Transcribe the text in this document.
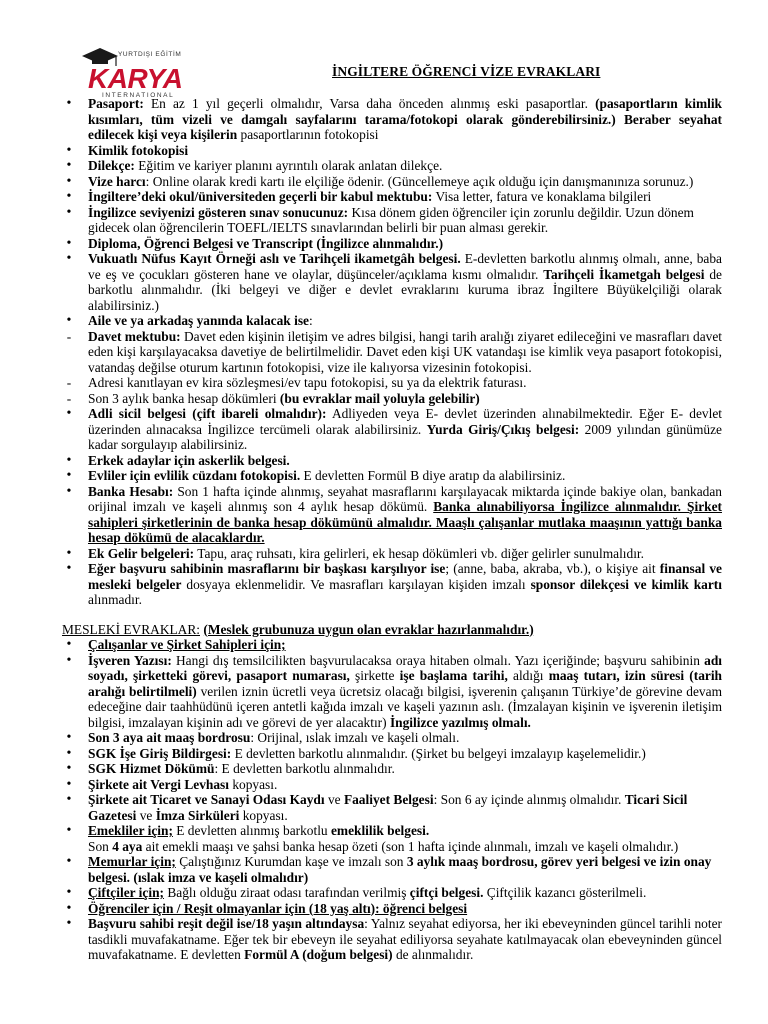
YURTDIŞI EĞİTİM
KARYA
INTERNATIONAL
İNGİLTERE ÖĞRENCİ VİZE EVRAKLARI
•	Pasaport: En az 1 yıl geçerli olmalıdır, Varsa daha önceden alınmış eski pasaportlar. (pasaportların kimlik kısımları, tüm vizeli ve damgalı sayfalarını tarama/fotokopi olarak gönderebilirsiniz.) Beraber seyahat edilecek kişi veya kişilerin pasaportlarının fotokopisi
•	Kimlik fotokopisi
•	Dilekçe: Eğitim ve kariyer planını ayrıntılı olarak anlatan dilekçe.
•	Vize harcı: Online olarak kredi kartı ile elçiliğe ödenir. (Güncellemeye açık olduğu için danışmanınıza sorunuz.)
•	İngiltere’deki okul/üniversiteden geçerli bir kabul mektubu: Visa letter, fatura ve konaklama bilgileri
•	İngilizce seviyenizi gösteren sınav sonucunuz: Kısa dönem giden öğrenciler için zorunlu değildir. Uzun dönem gidecek olan öğrencilerin TOEFL/IELTS sınavlarından belirli bir puan alması gerekir.
•	Diploma, Öğrenci Belgesi ve Transcript (İngilizce alınmalıdır.)
•	Vukuatlı Nüfus Kayıt Örneği aslı ve Tarihçeli ikametgâh belgesi. E-devletten barkotlu alınmış olmalı, anne, baba ve eş ve çocukları gösteren hane ve olaylar, düşünceler/açıklama kısmı olmalıdır. Tarihçeli İkametgah belgesi de barkotlu alınmalıdır. (İki belgeyi ve diğer e devlet evraklarını kuruma ibraz İngiltere Büyükelçiliği olarak alabilirsiniz.)
•	Aile ve ya arkadaş yanında kalacak ise:
-	Davet mektubu: Davet eden kişinin iletişim ve adres bilgisi, hangi tarih aralığı ziyaret edileceğini ve masrafları davet eden kişi karşılayacaksa davetiye de belirtilmelidir. Davet eden kişi UK vatandaşı ise kimlik veya pasaport fotokopisi, vatandaş değilse oturum kartının fotokopisi, vize ile kalıyorsa vizesinin fotokopisi.
-	Adresi kanıtlayan ev kira sözleşmesi/ev tapu fotokopisi, su ya da elektrik faturası.
-	Son 3 aylık banka hesap dökümleri (bu evraklar mail yoluyla gelebilir)
•	Adli sicil belgesi (çift ibareli olmalıdır): Adliyeden veya E- devlet üzerinden alınabilmektedir. Eğer E- devlet üzerinden alınacaksa İngilizce tercümeli olarak alabilirsiniz. Yurda Giriş/Çıkış belgesi: 2009 yılından günümüze kadar sorgulayıp alabilirsiniz.
•	Erkek adaylar için askerlik belgesi.
•	Evliler için evlilik cüzdanı fotokopisi. E devletten Formül B diye aratıp da alabilirsiniz.
•	Banka Hesabı: Son 1 hafta içinde alınmış, seyahat masraflarını karşılayacak miktarda içinde bakiye olan, bankadan orijinal imzalı ve kaşeli alınmış son 4 aylık hesap dökümü. Banka alınabiliyorsa İngilizce alınmalıdır. Şirket sahipleri şirketlerinin de banka hesap dökümünü almalıdır. Maaşlı çalışanlar mutlaka maaşının yattığı banka hesap dökümü de alacaklardır.
•	Ek Gelir belgeleri: Tapu, araç ruhsatı, kira gelirleri, ek hesap dökümleri vb. diğer gelirler sunulmalıdır.
•	Eğer başvuru sahibinin masraflarını bir başkası karşılıyor ise; (anne, baba, akraba, vb.), o kişiye ait finansal ve mesleki belgeler dosyaya eklenmelidir. Ve masrafları karşılayan kişiden imzalı sponsor dilekçesi ve kimlik kartı alınmadır.
MESLEKİ EVRAKLAR: (Meslek grubunuza uygun olan evraklar hazırlanmalıdır.)
•	Çalışanlar ve Şirket Sahipleri için;
•	İşveren Yazısı: Hangi dış temsilcilikten başvurulacaksa oraya hitaben olmalı. Yazı içeriğinde; başvuru sahibinin adı soyadı, şirketteki görevi, pasaport numarası, şirkette işe başlama tarihi, aldığı maaş tutarı, izin süresi (tarih aralığı belirtilmeli) verilen iznin ücretli veya ücretsiz olacağı bilgisi, işverenin çalışanın Türkiye’de görevine devam edeceğine dair taahhüdünü içeren antetli kağıda imzalı ve kaşeli yazının aslı. (İmzalayan kişinin ve işverenin iletişim bilgisi, imzalayan kişinin adı ve görevi de yer alacaktır) İngilizce yazılmış olmalı.
•	Son 3 aya ait maaş bordrosu: Orijinal, ıslak imzalı ve kaşeli olmalı.
•	SGK İşe Giriş Bildirgesi: E devletten barkotlu alınmalıdır. (Şirket bu belgeyi imzalayıp kaşelemelidir.)
•	SGK Hizmet Dökümü: E devletten barkotlu alınmalıdır.
•	Şirkete ait Vergi Levhası kopyası.
•	Şirkete ait Ticaret ve Sanayi Odası Kaydı ve Faaliyet Belgesi: Son 6 ay içinde alınmış olmalıdır. Ticari Sicil Gazetesi ve İmza Sirküleri kopyası.
•	Emekliler için; E devletten alınmış barkotlu emeklilik belgesi.
Son 4 aya ait emekli maaşı ve şahsi banka hesap özeti (son 1 hafta içinde alınmalı, imzalı ve kaşeli olmalıdır.)
•	Memurlar için; Çalıştığınız Kurumdan kaşe ve imzalı son 3 aylık maaş bordrosu, görev yeri belgesi ve izin onay belgesi. (ıslak imza ve kaşeli olmalıdır)
•	Çiftçiler için; Bağlı olduğu ziraat odası tarafından verilmiş çiftçi belgesi. Çiftçilik kazancı gösterilmeli.
•	Öğrenciler için / Reşit olmayanlar için (18 yaş altı): öğrenci belgesi
•	Başvuru sahibi reşit değil ise/18 yaşın altındaysa: Yalnız seyahat ediyorsa, her iki ebeveyninden güncel tarihli noter tasdikli muvafakatname. Eğer tek bir ebeveyn ile seyahat ediliyorsa seyahate katılmayacak olan ebeveyninden güncel muvafakatname. E devletten Formül A (doğum belgesi) de alınmalıdır.
